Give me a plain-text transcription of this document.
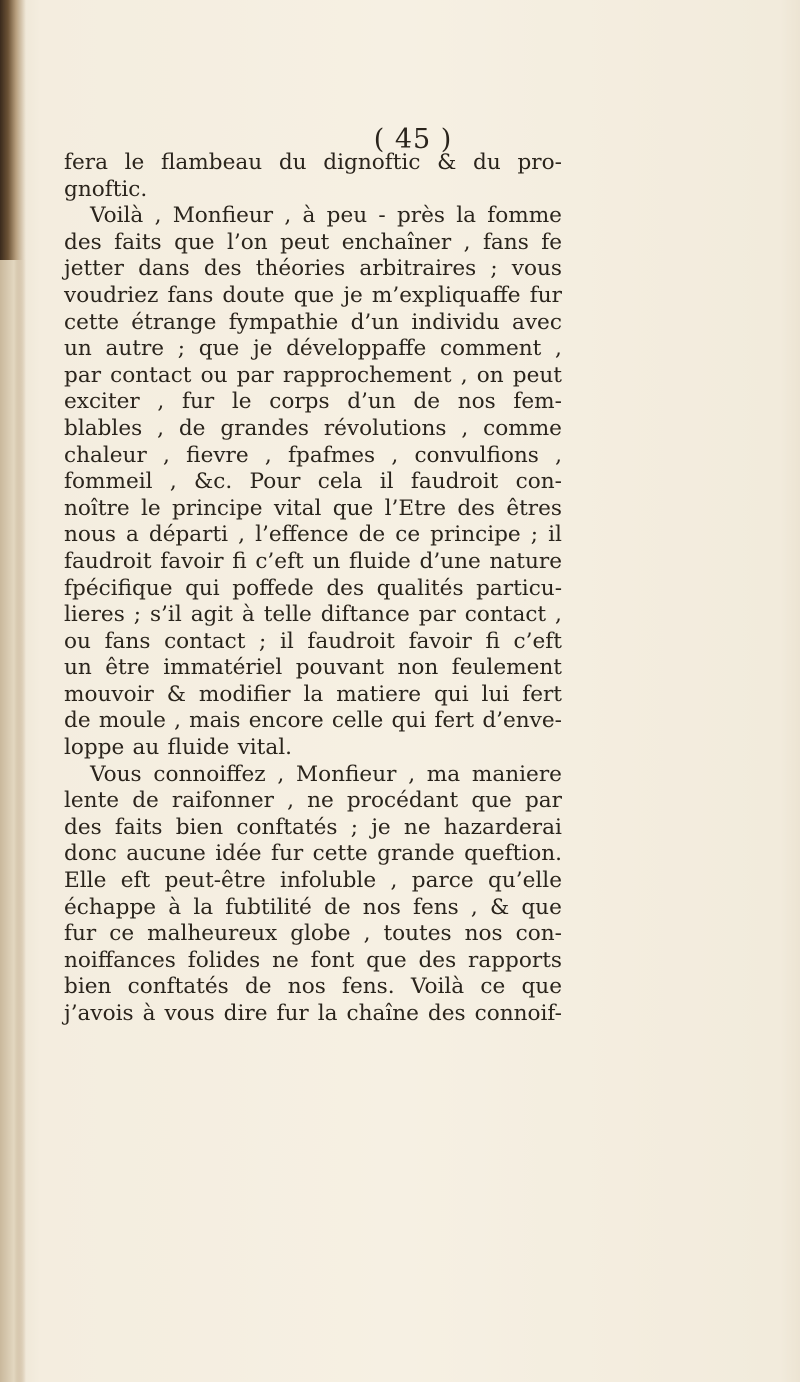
( 45 )
fera le flambeau du dignoftic & du pro-
gnoftic.
Voilà , Monfieur , à peu - près la fomme
des faits que l’on peut enchaîner , fans fe
jetter dans des théories arbitraires ; vous
voudriez fans doute que je m’expliquaffe fur
cette étrange fympathie d’un individu avec
un autre ; que je développaffe comment ,
par contact ou par rapprochement , on peut
exciter , fur le corps d’un de nos fem-
blables , de grandes révolutions , comme
chaleur , fievre , fpafmes , convulfions ,
fommeil , &c. Pour cela il faudroit con-
noître le principe vital que l’Etre des êtres
nous a départi , l’effence de ce principe ; il
faudroit favoir fi c’eft un fluide d’une nature
fpécifique qui poffede des qualités particu-
lieres ; s’il agit à telle diftance par contact ,
ou fans contact ; il faudroit favoir fi c’eft
un être immatériel pouvant non feulement
mouvoir & modifier la matiere qui lui fert
de moule , mais encore celle qui fert d’enve-
loppe au fluide vital.
Vous connoiffez , Monfieur , ma maniere
lente de raifonner , ne procédant que par
des faits bien conftatés ; je ne hazarderai
donc aucune idée fur cette grande queftion.
Elle eft peut-être infoluble , parce qu’elle
échappe à la fubtilité de nos fens , & que
fur ce malheureux globe , toutes nos con-
noiffances folides ne font que des rapports
bien conftatés de nos fens. Voilà ce que
j’avois à vous dire fur la chaîne des connoif-
